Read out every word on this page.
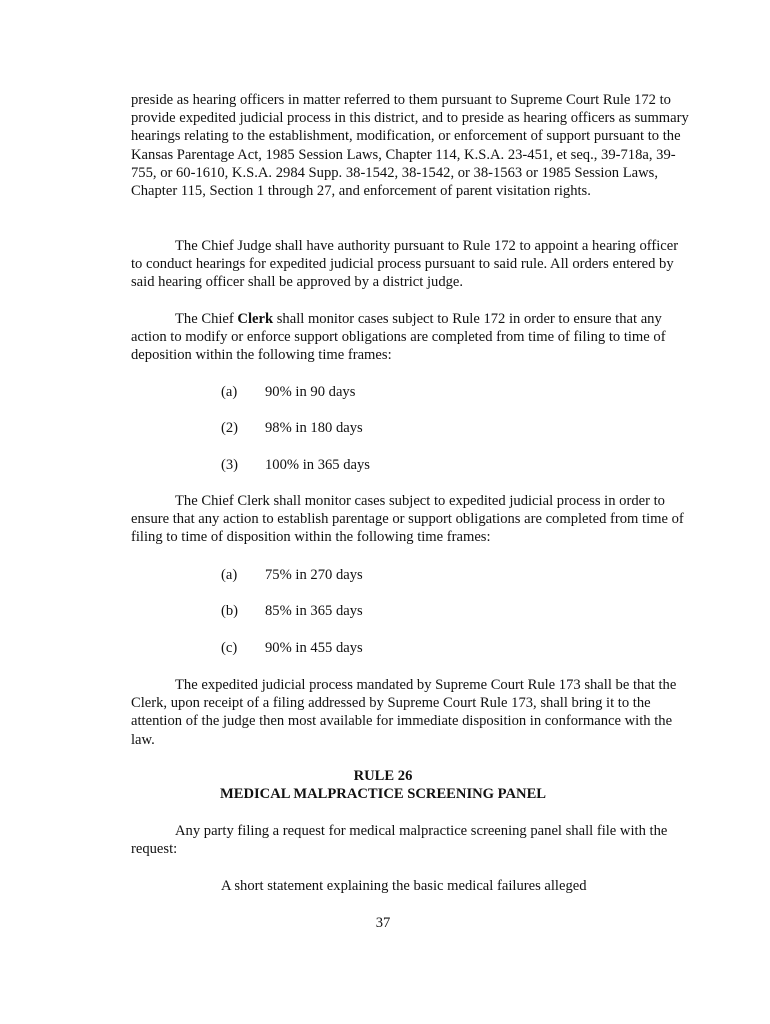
preside as hearing officers in matter referred to them pursuant to Supreme Court Rule 172 to provide expedited judicial process in this district, and to preside as hearing officers as summary hearings relating to the establishment, modification, or enforcement of support pursuant to the Kansas Parentage Act, 1985 Session Laws, Chapter 114, K.S.A. 23-451, et seq., 39-718a, 39-755, or 60-1610, K.S.A. 2984 Supp. 38-1542, 38-1542, or 38-1563 or 1985 Session Laws, Chapter 115, Section 1 through 27, and enforcement of parent visitation rights.

The Chief Judge shall have authority pursuant to Rule 172 to appoint a hearing officer to conduct hearings for expedited judicial process pursuant to said rule. All orders entered by said hearing officer shall be approved by a district judge.

The Chief Clerk shall monitor cases subject to Rule 172 in order to ensure that any action to modify or enforce support obligations are completed from time of filing to time of deposition within the following time frames:

(a) 90% in 90 days

(2) 98% in 180 days

(3) 100% in 365 days

The Chief Clerk shall monitor cases subject to expedited judicial process in order to ensure that any action to establish parentage or support obligations are completed from time of filing to time of disposition within the following time frames:

(a) 75% in 270 days

(b) 85% in 365 days

(c) 90% in 455 days

The expedited judicial process mandated by Supreme Court Rule 173 shall be that the Clerk, upon receipt of a filing addressed by Supreme Court Rule 173, shall bring it to the attention of the judge then most available for immediate disposition in conformance with the law.

RULE 26

MEDICAL MALPRACTICE SCREENING PANEL

Any party filing a request for medical malpractice screening panel shall file with the request:

A short statement explaining the basic medical failures alleged

37
